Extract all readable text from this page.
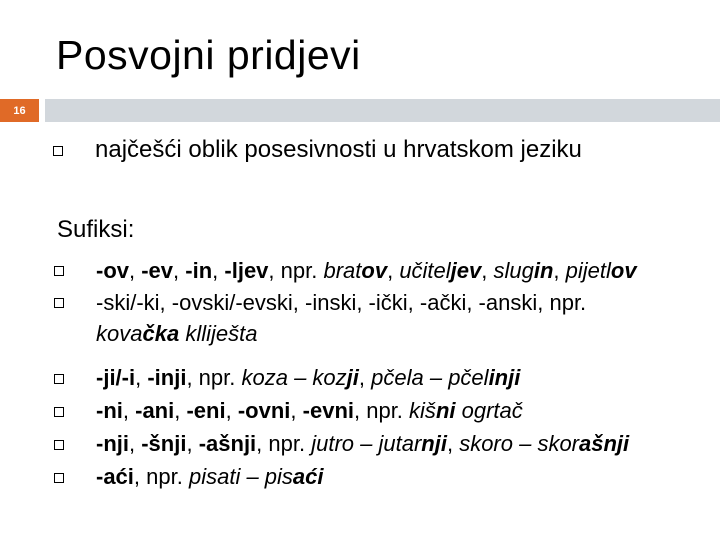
Posvojni pridjevi
16
najčešći oblik posesivnosti u hrvatskom jeziku
Sufiksi:
-ov, -ev, -in, -ljev, npr. bratov, učiteljev, slugin, pijetlov
-ski/-ki, -ovski/-evski, -inski, -ički, -ački, -anski, npr.
kovačka klliješta
-ji/-i, -inji, npr. koza – kozji, pčela – pčelinji
-ni, -ani, -eni, -ovni, -evni, npr. kišni ogrtač
-nji, -šnji, -ašnji, npr. jutro – jutarnji, skoro – skorašnji
-aći, npr. pisati – pisaći
